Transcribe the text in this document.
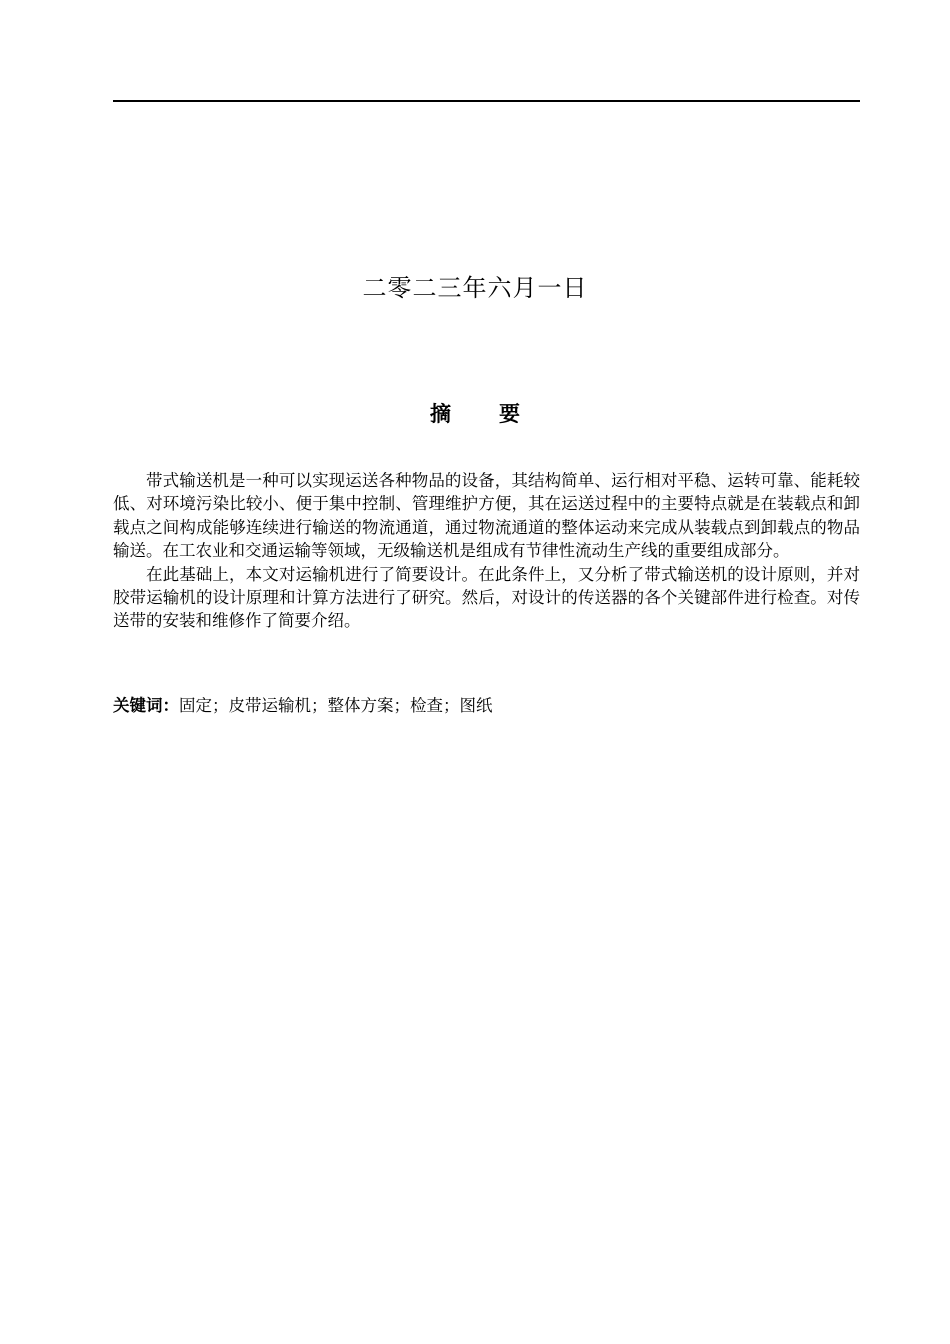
二零二三年六月一日
摘 要

带式输送机是一种可以实现运送各种物品的设备，其结构简单、运行相对平稳、运转可靠、能耗较低、对环境污染比较小、便于集中控制、管理维护方便，其在运送过程中的主要特点就是在装载点和卸载点之间构成能够连续进行输送的物流通道，通过物流通道的整体运动来完成从装载点到卸载点的物品输送。在工农业和交通运输等领域，无级输送机是组成有节律性流动生产线的重要组成部分。

在此基础上，本文对运输机进行了简要设计。在此条件上，又分析了带式输送机的设计原则，并对胶带运输机的设计原理和计算方法进行了研究。然后，对设计的传送器的各个关键部件进行检查。对传送带的安装和维修作了简要介绍。

关键词：固定；皮带运输机；整体方案；检查；图纸
